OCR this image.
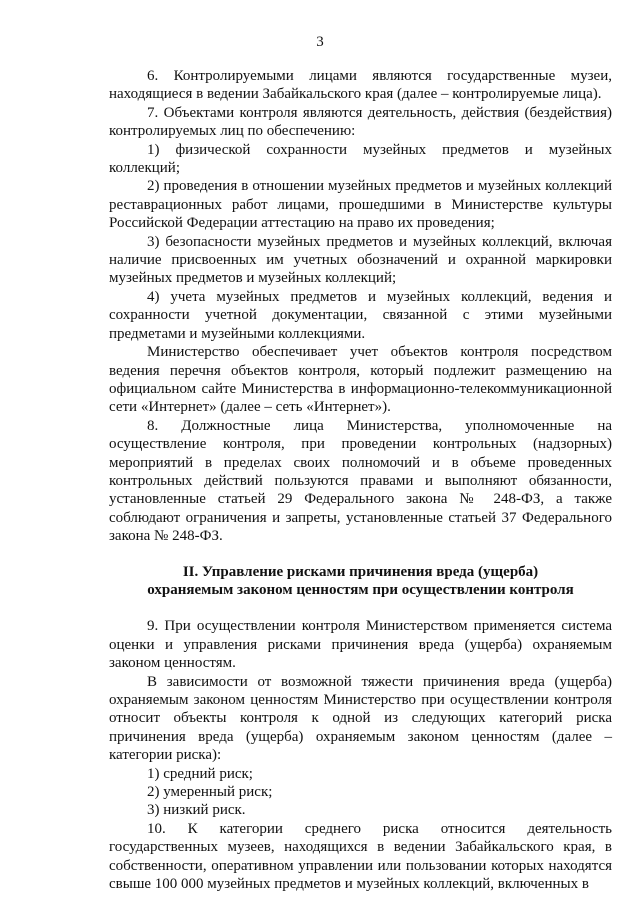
3

6. Контролируемыми лицами являются государственные музеи, находящиеся в ведении Забайкальского края (далее – контролируемые лица).

7. Объектами контроля являются деятельность, действия (бездействия) контролируемых лиц по обеспечению:

1) физической сохранности музейных предметов и музейных коллекций;

2) проведения в отношении музейных предметов и музейных коллекций реставрационных работ лицами, прошедшими в Министерстве культуры Российской Федерации аттестацию на право их проведения;

3) безопасности музейных предметов и музейных коллекций, включая наличие присвоенных им учетных обозначений и охранной маркировки музейных предметов и музейных коллекций;

4) учета музейных предметов и музейных коллекций, ведения и сохранности учетной документации, связанной с этими музейными предметами и музейными коллекциями.

Министерство обеспечивает учет объектов контроля посредством ведения перечня объектов контроля, который подлежит размещению на официальном сайте Министерства в информационно-телекоммуникационной сети «Интернет» (далее – сеть «Интернет»).

8. Должностные лица Министерства, уполномоченные на осуществление контроля, при проведении контрольных (надзорных) мероприятий в пределах своих полномочий и в объеме проведенных контрольных действий пользуются правами и выполняют обязанности, установленные статьей 29 Федерального закона № 248-ФЗ, а также соблюдают ограничения и запреты, установленные статьей 37 Федерального закона № 248-ФЗ.

II. Управление рисками причинения вреда (ущерба)
охраняемым законом ценностям при осуществлении контроля

9. При осуществлении контроля Министерством применяется система оценки и управления рисками причинения вреда (ущерба) охраняемым законом ценностям.

В зависимости от возможной тяжести причинения вреда (ущерба) охраняемым законом ценностям Министерство при осуществлении контроля относит объекты контроля к одной из следующих категорий риска причинения вреда (ущерба) охраняемым законом ценностям (далее – категории риска):

1) средний риск;

2) умеренный риск;

3) низкий риск.

10. К категории среднего риска относится деятельность государственных музеев, находящихся в ведении Забайкальского края, в собственности, оперативном управлении или пользовании которых находятся свыше 100 000 музейных предметов и музейных коллекций, включенных в
